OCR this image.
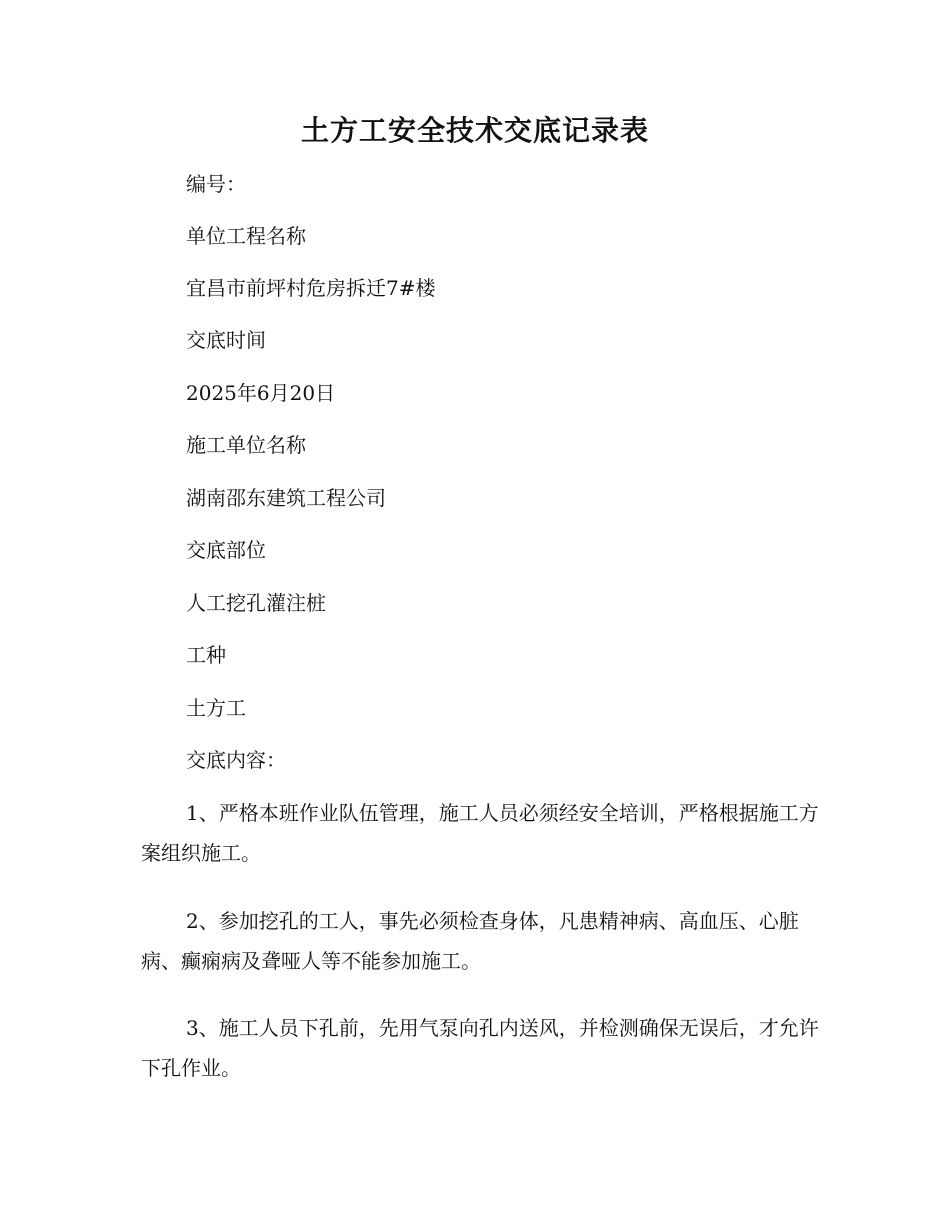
土方工安全技术交底记录表
编号：
单位工程名称
宜昌市前坪村危房拆迁7#楼
交底时间
2025年6月20日
施工单位名称
湖南邵东建筑工程公司
交底部位
人工挖孔灌注桩
工种
土方工
交底内容：
1、严格本班作业队伍管理，施工人员必须经安全培训，严格根据施工方案组织施工。
2、参加挖孔的工人，事先必须检查身体，凡患精神病、高血压、心脏病、癫痫病及聋哑人等不能参加施工。
3、施工人员下孔前，先用气泵向孔内送风，并检测确保无误后，才允许下孔作业。
